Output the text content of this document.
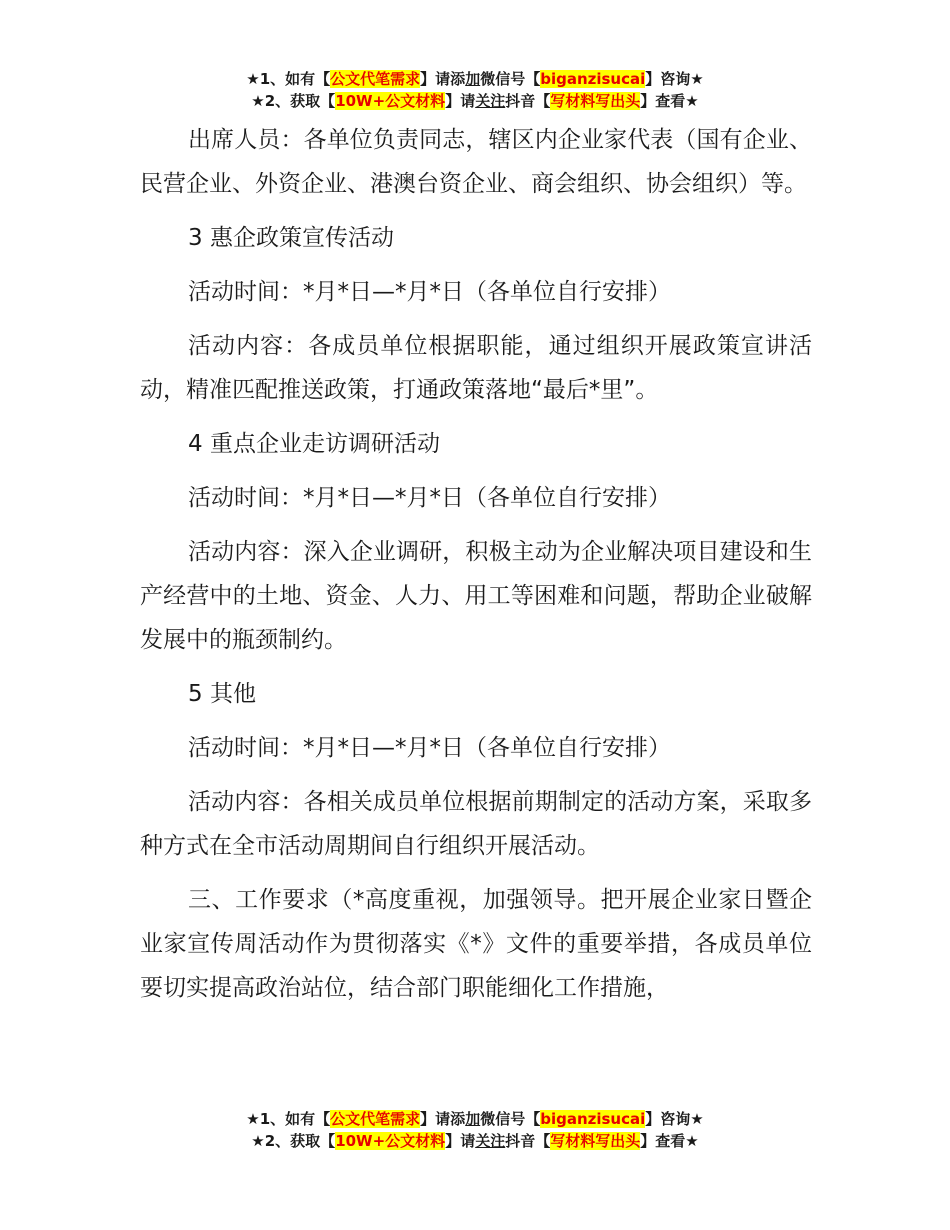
★1、如有【公文代笔需求】请添加微信号【biganzisucai】咨询★
★2、获取【10W+公文材料】请关注抖音【写材料写出头】查看★

出席人员：各单位负责同志，辖区内企业家代表（国有企业、民营企业、外资企业、港澳台资企业、商会组织、协会组织）等。

3 惠企政策宣传活动

活动时间：*月*日—*月*日（各单位自行安排）

活动内容：各成员单位根据职能，通过组织开展政策宣讲活动，精准匹配推送政策，打通政策落地“最后*里”。

4 重点企业走访调研活动

活动时间：*月*日—*月*日（各单位自行安排）

活动内容：深入企业调研，积极主动为企业解决项目建设和生产经营中的土地、资金、人力、用工等困难和问题，帮助企业破解发展中的瓶颈制约。

5 其他

活动时间：*月*日—*月*日（各单位自行安排）

活动内容：各相关成员单位根据前期制定的活动方案，采取多种方式在全市活动周期间自行组织开展活动。

三、工作要求（*高度重视，加强领导。把开展企业家日暨企业家宣传周活动作为贯彻落实《*》文件的重要举措，各成员单位要切实提高政治站位，结合部门职能细化工作措施，

★1、如有【公文代笔需求】请添加微信号【biganzisucai】咨询★
★2、获取【10W+公文材料】请关注抖音【写材料写出头】查看★
